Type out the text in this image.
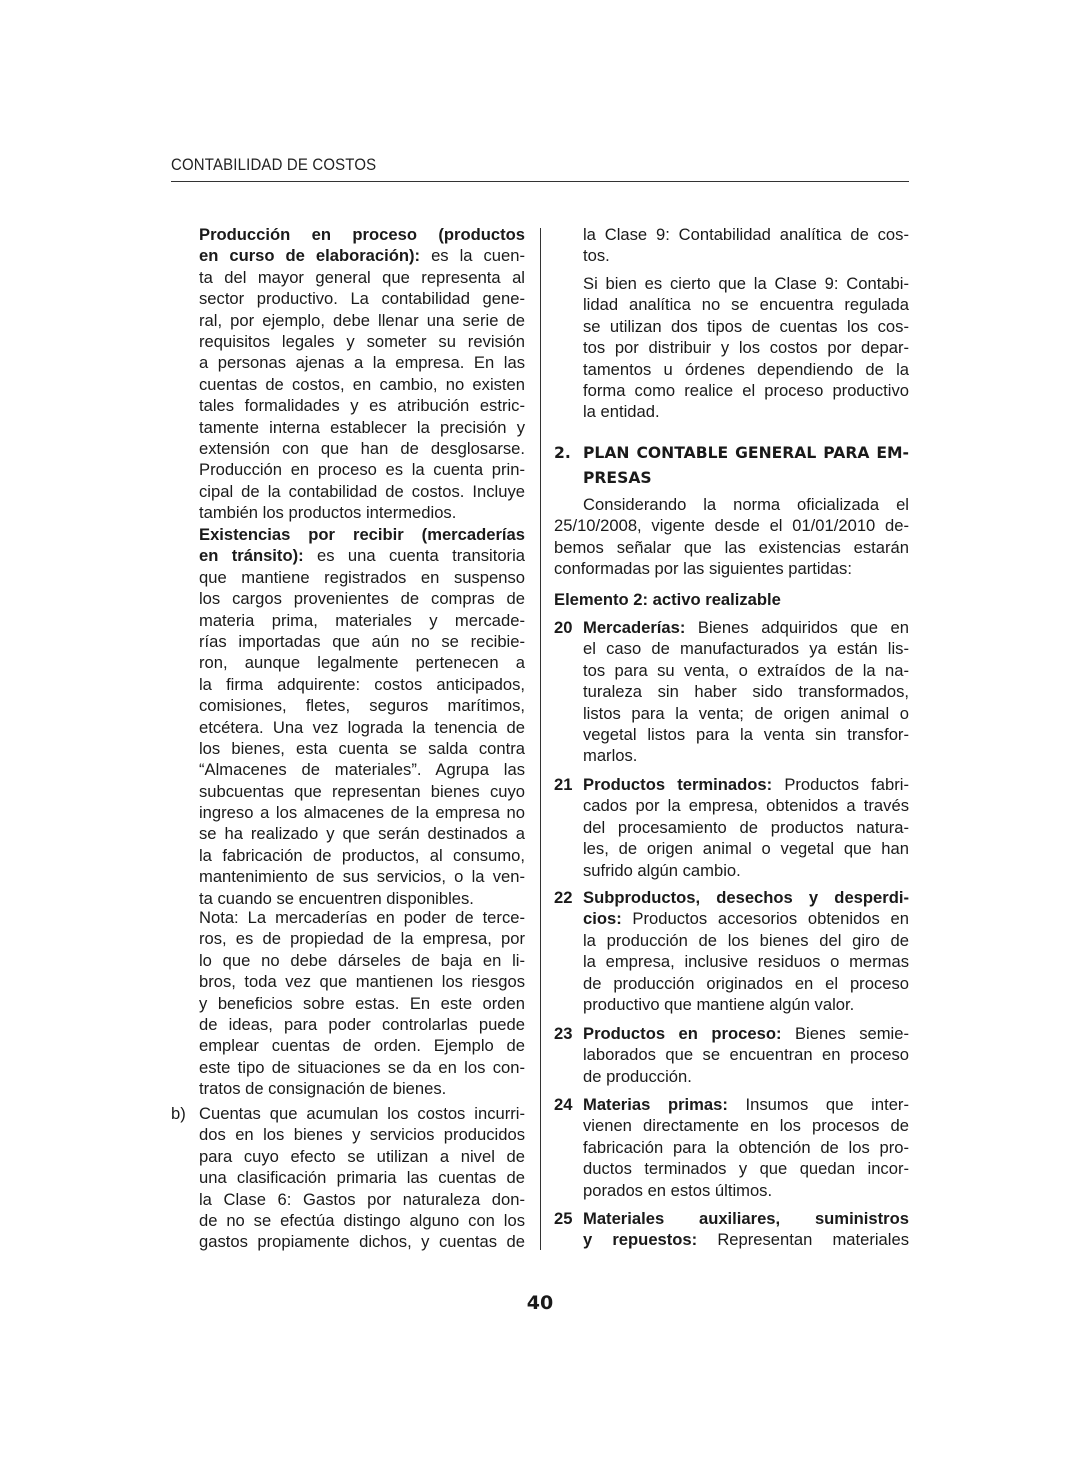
CONTABILIDAD DE COSTOS
Producción en proceso (productos
en curso de elaboración): es la cuen-
ta del mayor general que representa al
sector productivo. La contabilidad gene-
ral, por ejemplo, debe llenar una serie de
requisitos legales y someter su revisión
a personas ajenas a la empresa. En las
cuentas de costos, en cambio, no existen
tales formalidades y es atribución estric-
tamente interna establecer la precisión y
extensión con que han de desglosarse.
Producción en proceso es la cuenta prin-
cipal de la contabilidad de costos. Incluye
también los productos intermedios.
Existencias por recibir (mercaderías
en tránsito): es una cuenta transitoria
que mantiene registrados en suspenso
los cargos provenientes de compras de
materia prima, materiales y mercade-
rías importadas que aún no se recibie-
ron, aunque legalmente pertenecen a
la firma adquirente: costos anticipados,
comisiones, fletes, seguros marítimos,
etcétera. Una vez lograda la tenencia de
los bienes, esta cuenta se salda contra
“Almacenes de materiales”. Agrupa las
subcuentas que representan bienes cuyo
ingreso a los almacenes de la empresa no
se ha realizado y que serán destinados a
la fabricación de productos, al consumo,
mantenimiento de sus servicios, o la ven-
ta cuando se encuentren disponibles.
Nota: La mercaderías en poder de terce-
ros, es de propiedad de la empresa, por
lo que no debe dárseles de baja en li-
bros, toda vez que mantienen los riesgos
y beneficios sobre estas. En este orden
de ideas, para poder controlarlas puede
emplear cuentas de orden. Ejemplo de
este tipo de situaciones se da en los con-
tratos de consignación de bienes.
b) Cuentas que acumulan los costos incurri-
dos en los bienes y servicios producidos
para cuyo efecto se utilizan a nivel de
una clasificación primaria las cuentas de
la Clase 6: Gastos por naturaleza don-
de no se efectúa distingo alguno con los
gastos propiamente dichos, y cuentas de
la Clase 9: Contabilidad analítica de cos-
tos.
Si bien es cierto que la Clase 9: Contabi-
lidad analítica no se encuentra regulada
se utilizan dos tipos de cuentas los cos-
tos por distribuir y los costos por depar-
tamentos u órdenes dependiendo de la
forma como realice el proceso productivo
la entidad.
2. PLAN CONTABLE GENERAL PARA EM-
PRESAS
Considerando la norma oficializada el
25/10/2008, vigente desde el 01/01/2010 de-
bemos señalar que las existencias estarán
conformadas por las siguientes partidas:
Elemento 2: activo realizable
20 Mercaderías: Bienes adquiridos que en
el caso de manufacturados ya están lis-
tos para su venta, o extraídos de la na-
turaleza sin haber sido transformados,
listos para la venta; de origen animal o
vegetal listos para la venta sin transfor-
marlos.
21 Productos terminados: Productos fabri-
cados por la empresa, obtenidos a través
del procesamiento de productos natura-
les, de origen animal o vegetal que han
sufrido algún cambio.
22 Subproductos, desechos y desperdi-
cios: Productos accesorios obtenidos en
la producción de los bienes del giro de
la empresa, inclusive residuos o mermas
de producción originados en el proceso
productivo que mantiene algún valor.
23 Productos en proceso: Bienes semie-
laborados que se encuentran en proceso
de producción.
24 Materias primas: Insumos que inter-
vienen directamente en los procesos de
fabricación para la obtención de los pro-
ductos terminados y que quedan incor-
porados en estos últimos.
25 Materiales auxiliares, suministros
y repuestos: Representan materiales
40
